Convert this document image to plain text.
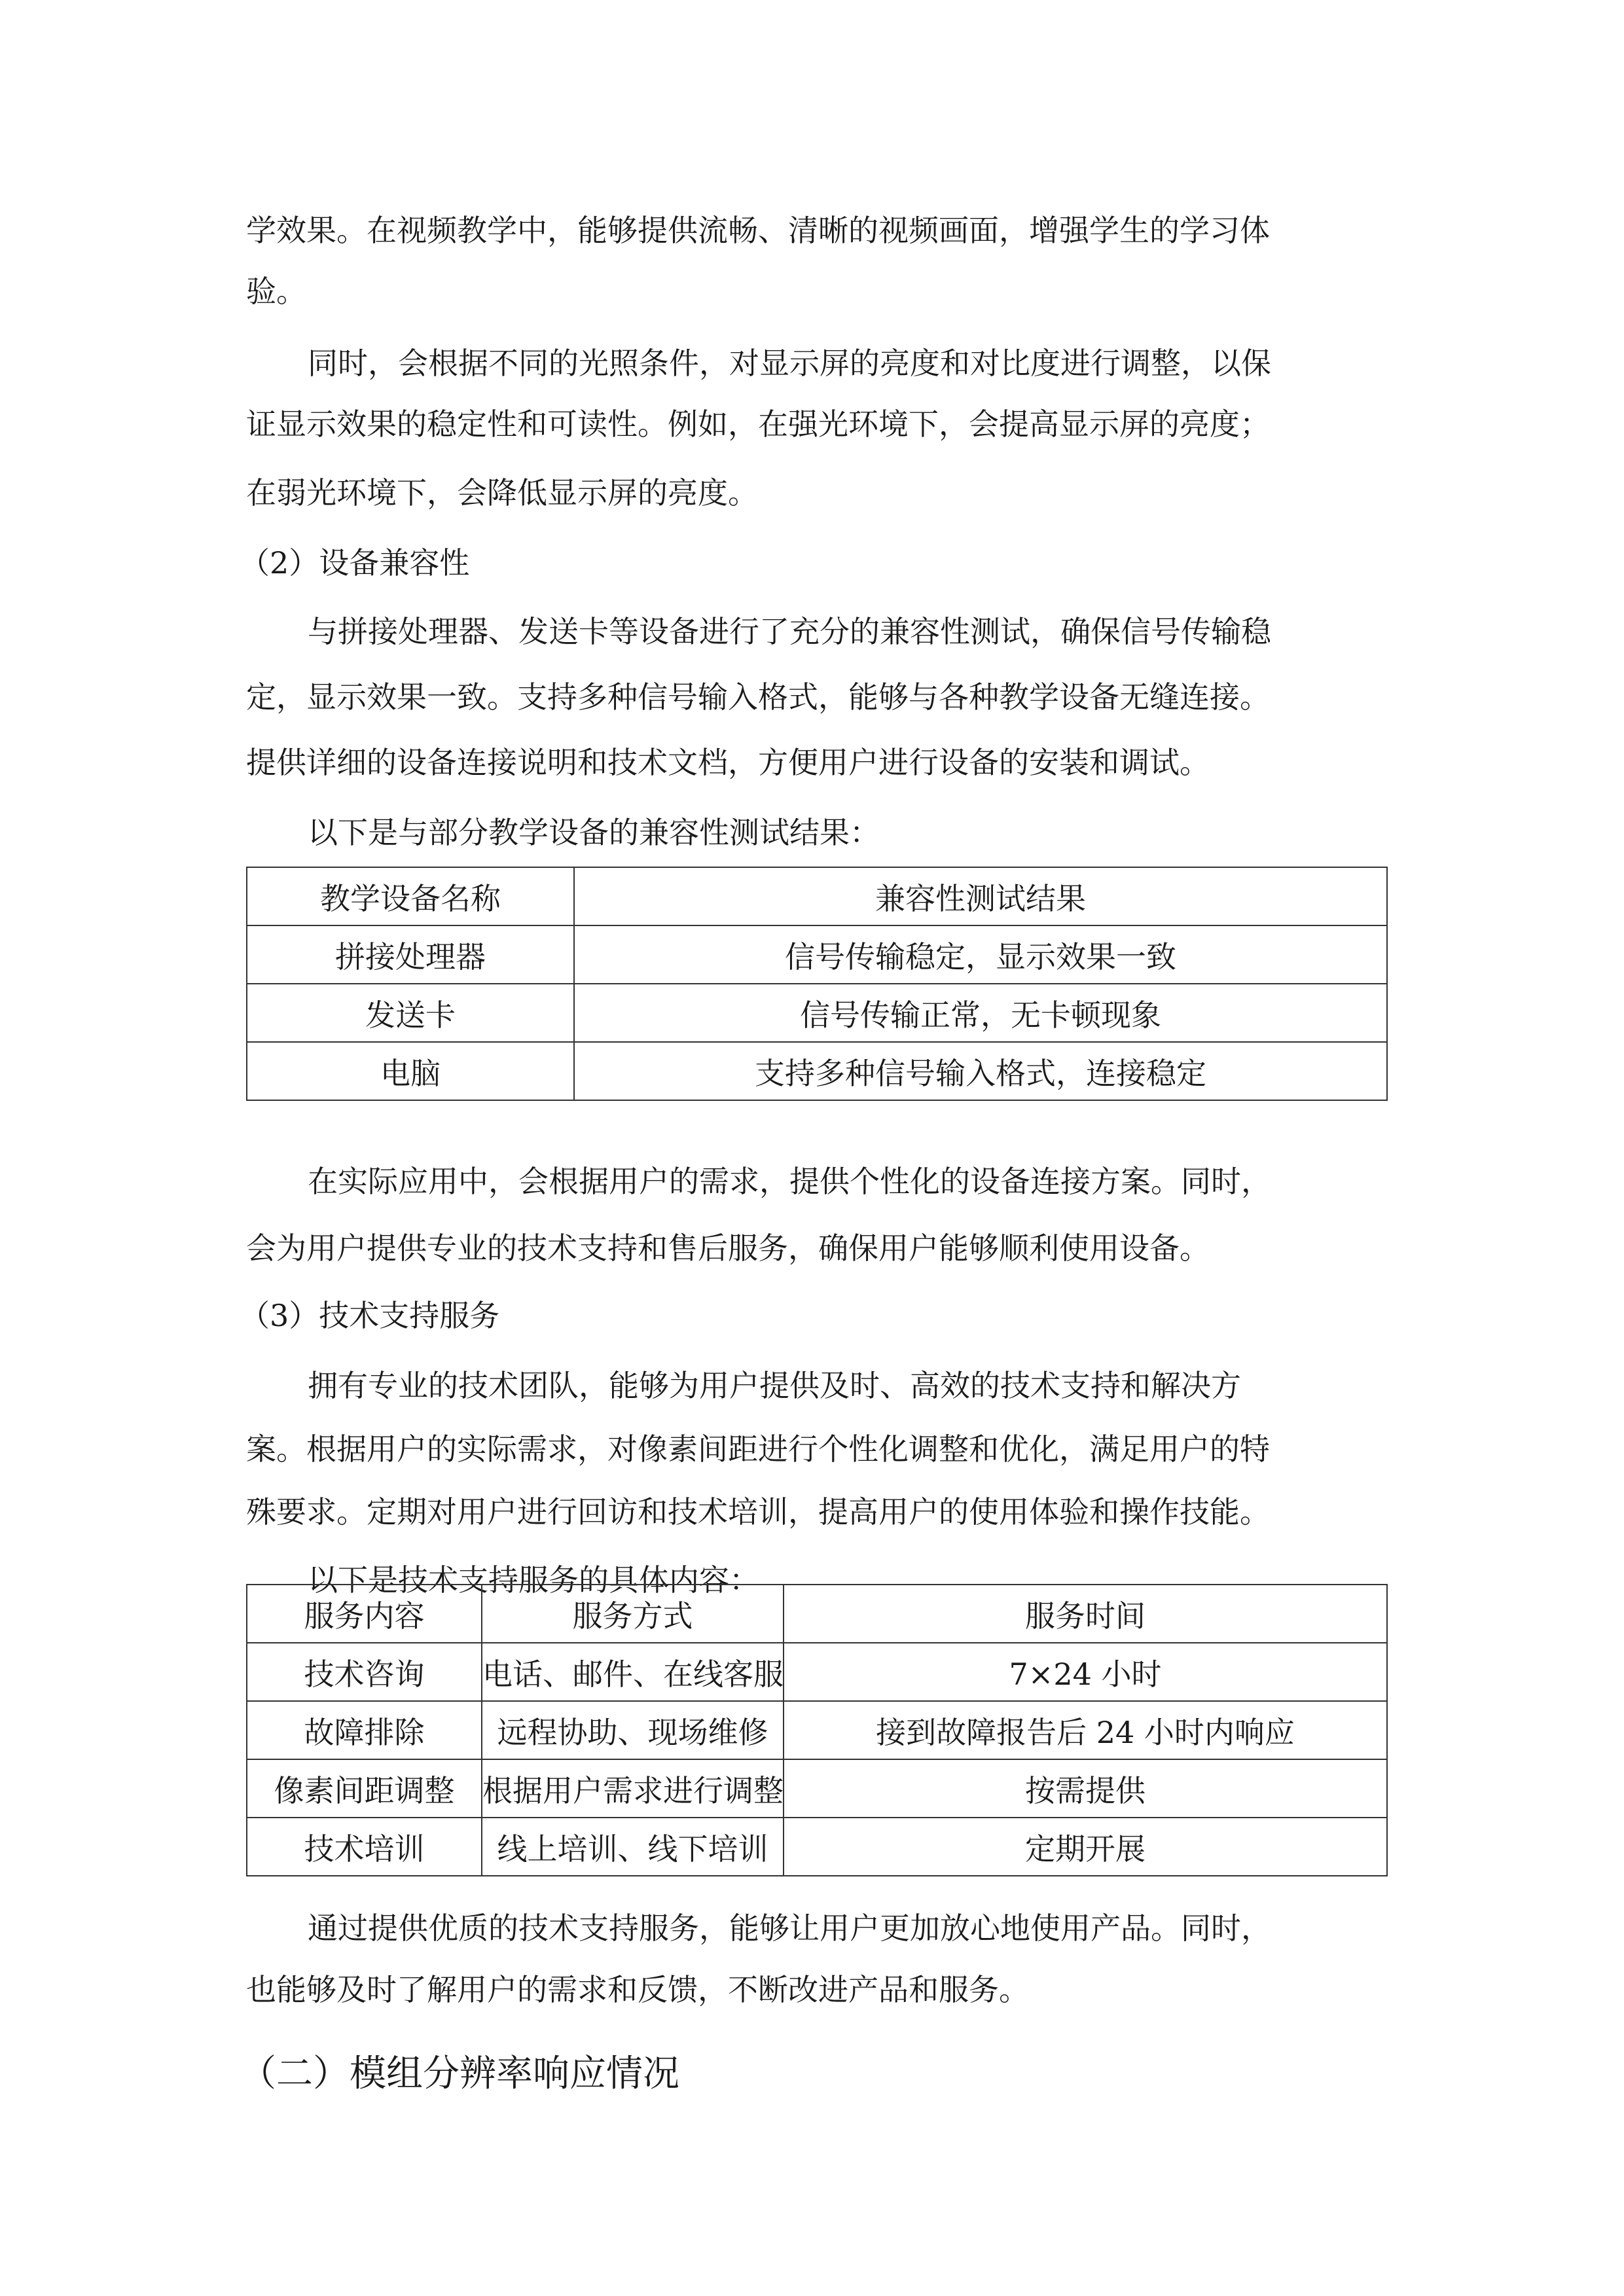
学效果。在视频教学中，能够提供流畅、清晰的视频画面，增强学生的学习体

验。

同时，会根据不同的光照条件，对显示屏的亮度和对比度进行调整，以保

证显示效果的稳定性和可读性。例如，在强光环境下，会提高显示屏的亮度；

在弱光环境下，会降低显示屏的亮度。

（2）设备兼容性

与拼接处理器、发送卡等设备进行了充分的兼容性测试，确保信号传输稳

定，显示效果一致。支持多种信号输入格式，能够与各种教学设备无缝连接。

提供详细的设备连接说明和技术文档，方便用户进行设备的安装和调试。

以下是与部分教学设备的兼容性测试结果：

教学设备名称	兼容性测试结果
拼接处理器	信号传输稳定，显示效果一致
发送卡	信号传输正常，无卡顿现象
电脑	支持多种信号输入格式，连接稳定

在实际应用中，会根据用户的需求，提供个性化的设备连接方案。同时，

会为用户提供专业的技术支持和售后服务，确保用户能够顺利使用设备。

（3）技术支持服务

拥有专业的技术团队，能够为用户提供及时、高效的技术支持和解决方

案。根据用户的实际需求，对像素间距进行个性化调整和优化，满足用户的特

殊要求。定期对用户进行回访和技术培训，提高用户的使用体验和操作技能。

以下是技术支持服务的具体内容：

服务内容	服务方式	服务时间
技术咨询	电话、邮件、在线客服	7×24 小时
故障排除	远程协助、现场维修	接到故障报告后 24 小时内响应
像素间距调整	根据用户需求进行调整	按需提供
技术培训	线上培训、线下培训	定期开展

通过提供优质的技术支持服务，能够让用户更加放心地使用产品。同时，

也能够及时了解用户的需求和反馈，不断改进产品和服务。

（二）模组分辨率响应情况
